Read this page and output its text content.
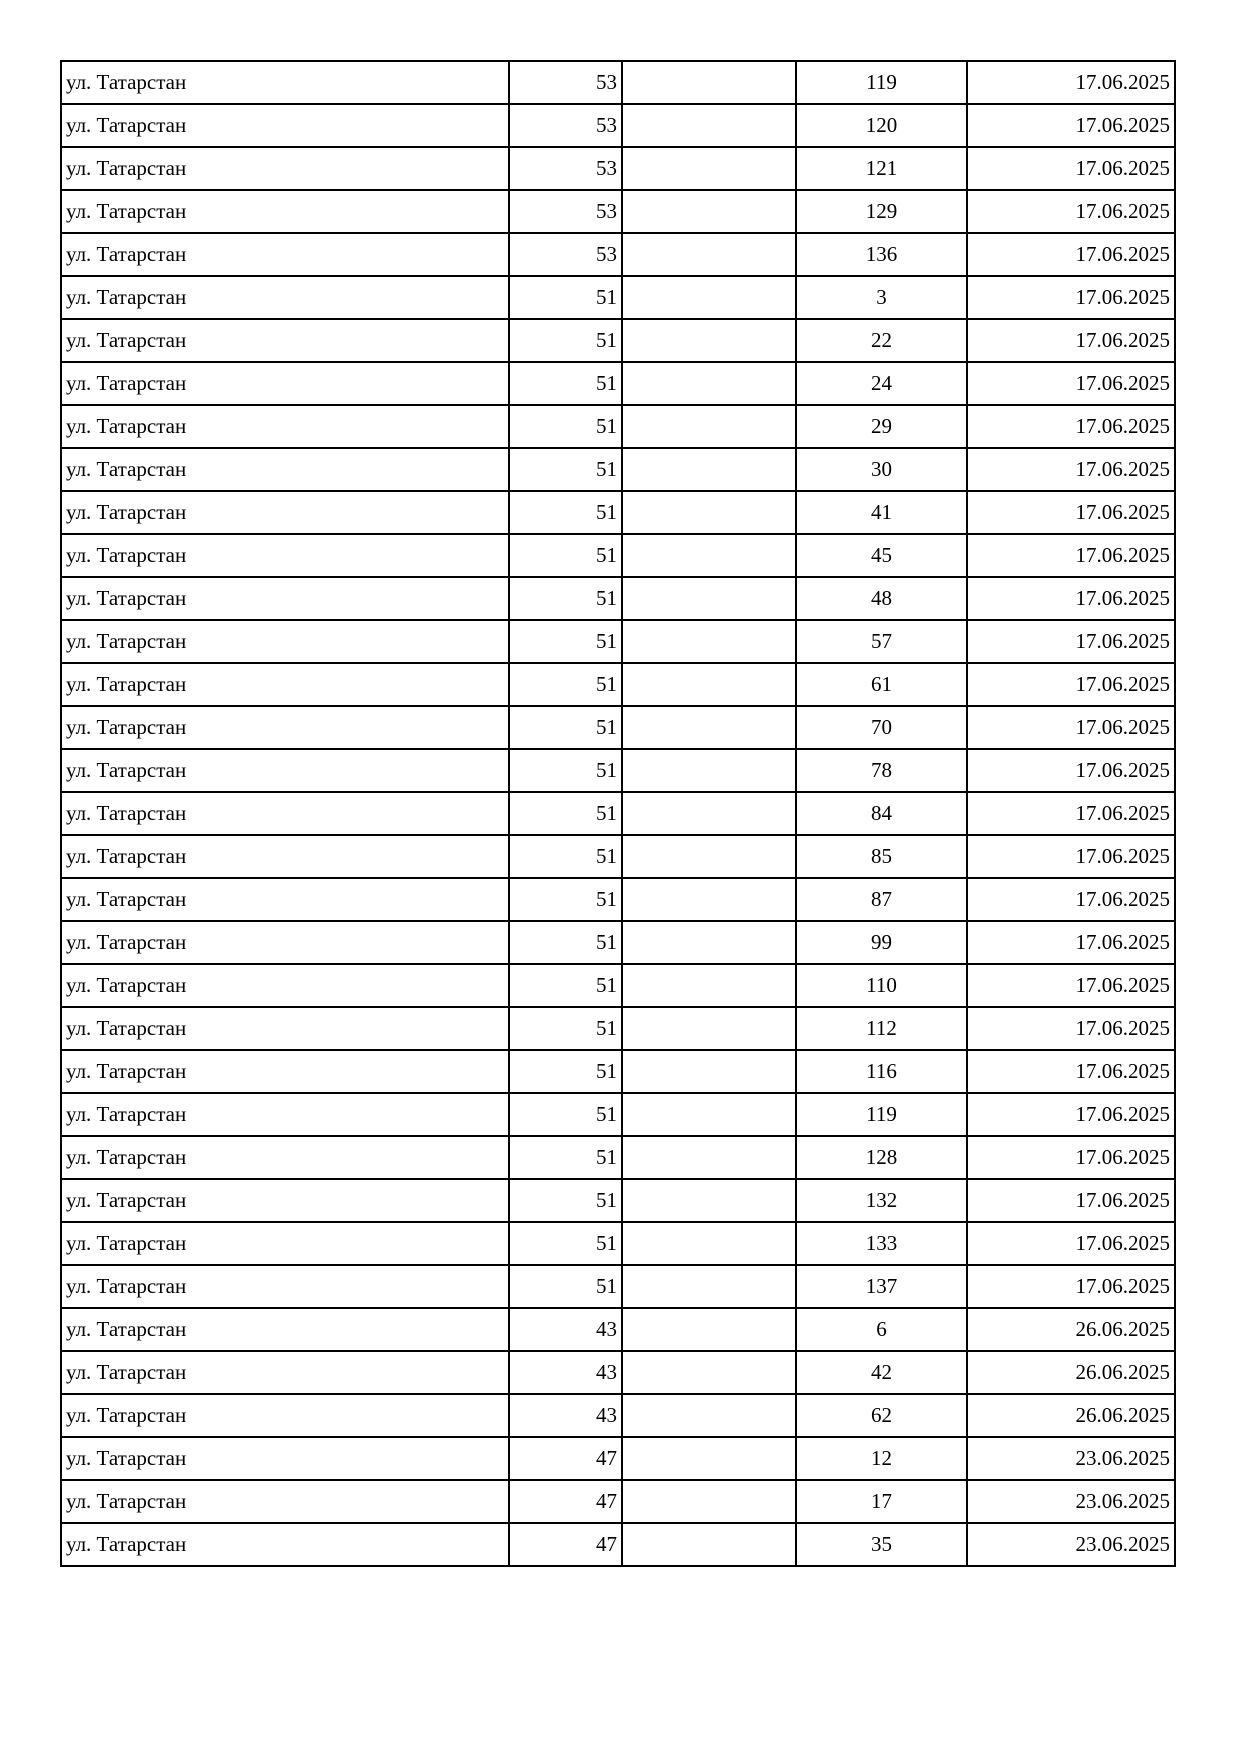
ул. Татарстан	53		119	17.06.2025
ул. Татарстан	53		120	17.06.2025
ул. Татарстан	53		121	17.06.2025
ул. Татарстан	53		129	17.06.2025
ул. Татарстан	53		136	17.06.2025
ул. Татарстан	51		3	17.06.2025
ул. Татарстан	51		22	17.06.2025
ул. Татарстан	51		24	17.06.2025
ул. Татарстан	51		29	17.06.2025
ул. Татарстан	51		30	17.06.2025
ул. Татарстан	51		41	17.06.2025
ул. Татарстан	51		45	17.06.2025
ул. Татарстан	51		48	17.06.2025
ул. Татарстан	51		57	17.06.2025
ул. Татарстан	51		61	17.06.2025
ул. Татарстан	51		70	17.06.2025
ул. Татарстан	51		78	17.06.2025
ул. Татарстан	51		84	17.06.2025
ул. Татарстан	51		85	17.06.2025
ул. Татарстан	51		87	17.06.2025
ул. Татарстан	51		99	17.06.2025
ул. Татарстан	51		110	17.06.2025
ул. Татарстан	51		112	17.06.2025
ул. Татарстан	51		116	17.06.2025
ул. Татарстан	51		119	17.06.2025
ул. Татарстан	51		128	17.06.2025
ул. Татарстан	51		132	17.06.2025
ул. Татарстан	51		133	17.06.2025
ул. Татарстан	51		137	17.06.2025
ул. Татарстан	43		6	26.06.2025
ул. Татарстан	43		42	26.06.2025
ул. Татарстан	43		62	26.06.2025
ул. Татарстан	47		12	23.06.2025
ул. Татарстан	47		17	23.06.2025
ул. Татарстан	47		35	23.06.2025
